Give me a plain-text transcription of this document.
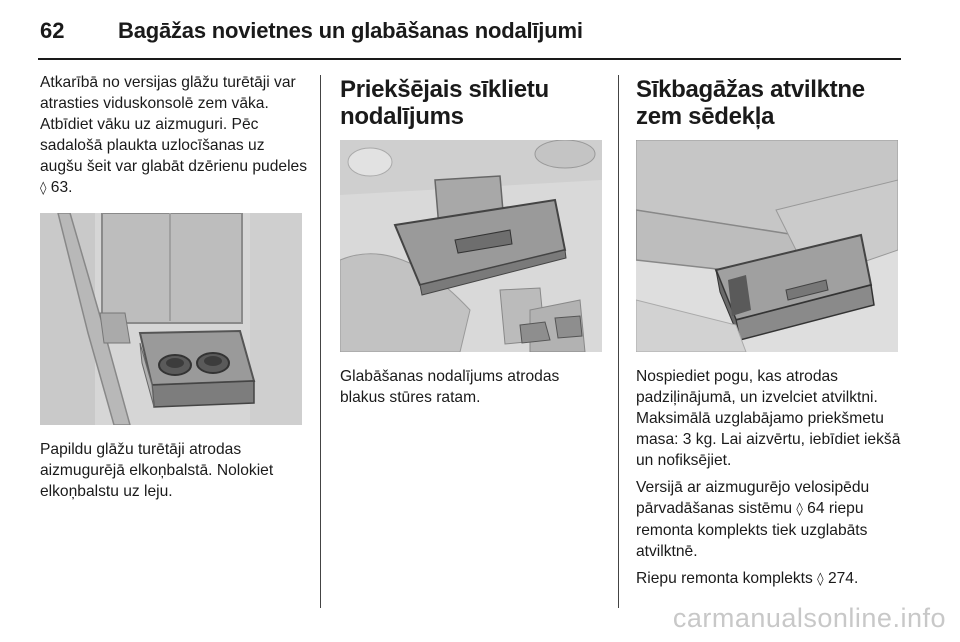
62 Bagāžas novietnes un glabāšanas nodalījumi

Atkarībā no versijas glāžu turētāji var atrasties viduskonsolē zem vāka. Atbīdiet vāku uz aizmuguri. Pēc sadalošā plaukta uzlocīšanas uz augšu šeit var glabāt dzērienu pudeles ◊ 63.

Papildu glāžu turētāji atrodas aizmugurējā elkoņbalstā. Nolokiet elkoņbalstu uz leju.

Priekšējais sīklietu nodalījums

Glabāšanas nodalījums atrodas blakus stūres ratam.

Sīkbagāžas atvilktne zem sēdekļa

Nospiediet pogu, kas atrodas padziļinājumā, un izvelciet atvilktni. Maksimālā uzglabājamo priekšmetu masa: 3 kg. Lai aizvērtu, iebīdiet iekšā un nofiksējiet.

Versijā ar aizmugurējo velosipēdu pārvadāšanas sistēmu ◊ 64 riepu remonta komplekts tiek uzglabāts atvilktnē.

Riepu remonta komplekts ◊ 274.

carmanualsonline.info
